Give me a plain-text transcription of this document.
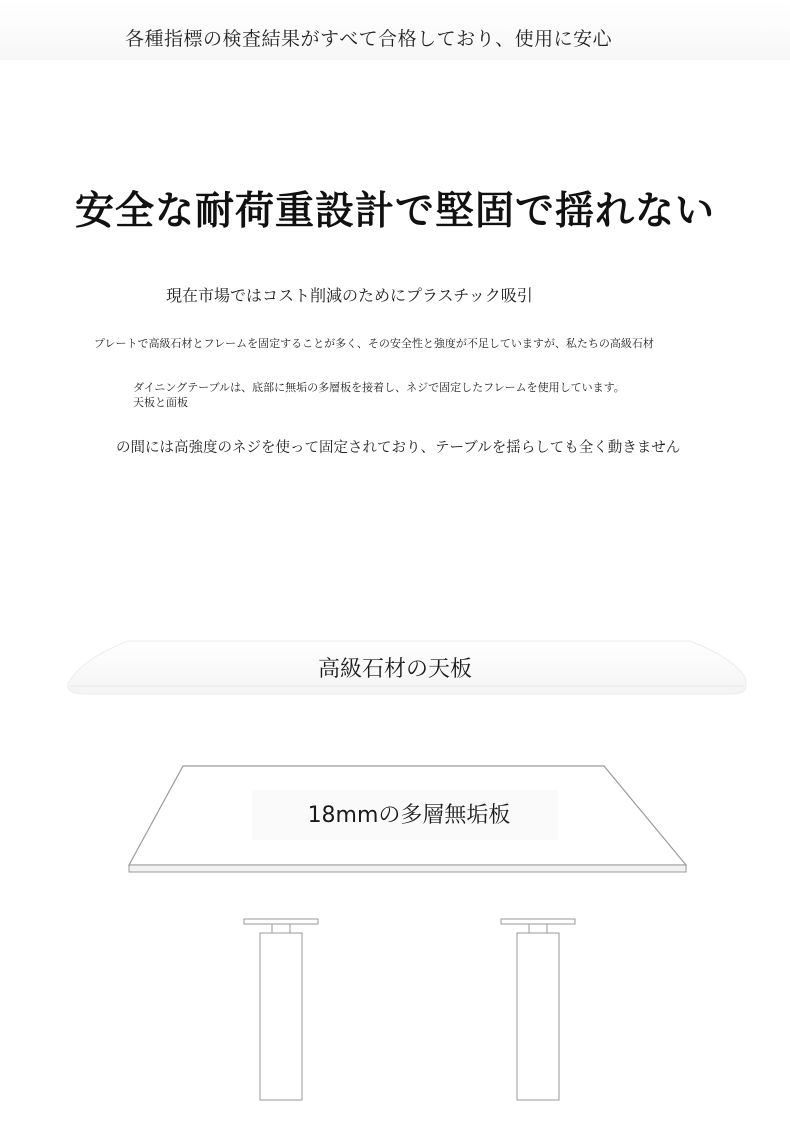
各種指標の検査結果がすべて合格しており、使用に安心
安全な耐荷重設計で堅固で揺れない
現在市場ではコスト削減のためにプラスチック吸引
プレートで高級石材とフレームを固定することが多く、その安全性と強度が不足していますが、私たちの高級石材
ダイニングテーブルは、底部に無垢の多層板を接着し、ネジで固定したフレームを使用しています。天板と面板
の間には高強度のネジを使って固定されており、テーブルを揺らしても全く動きません
高級石材の天板
18mmの多層無垢板
